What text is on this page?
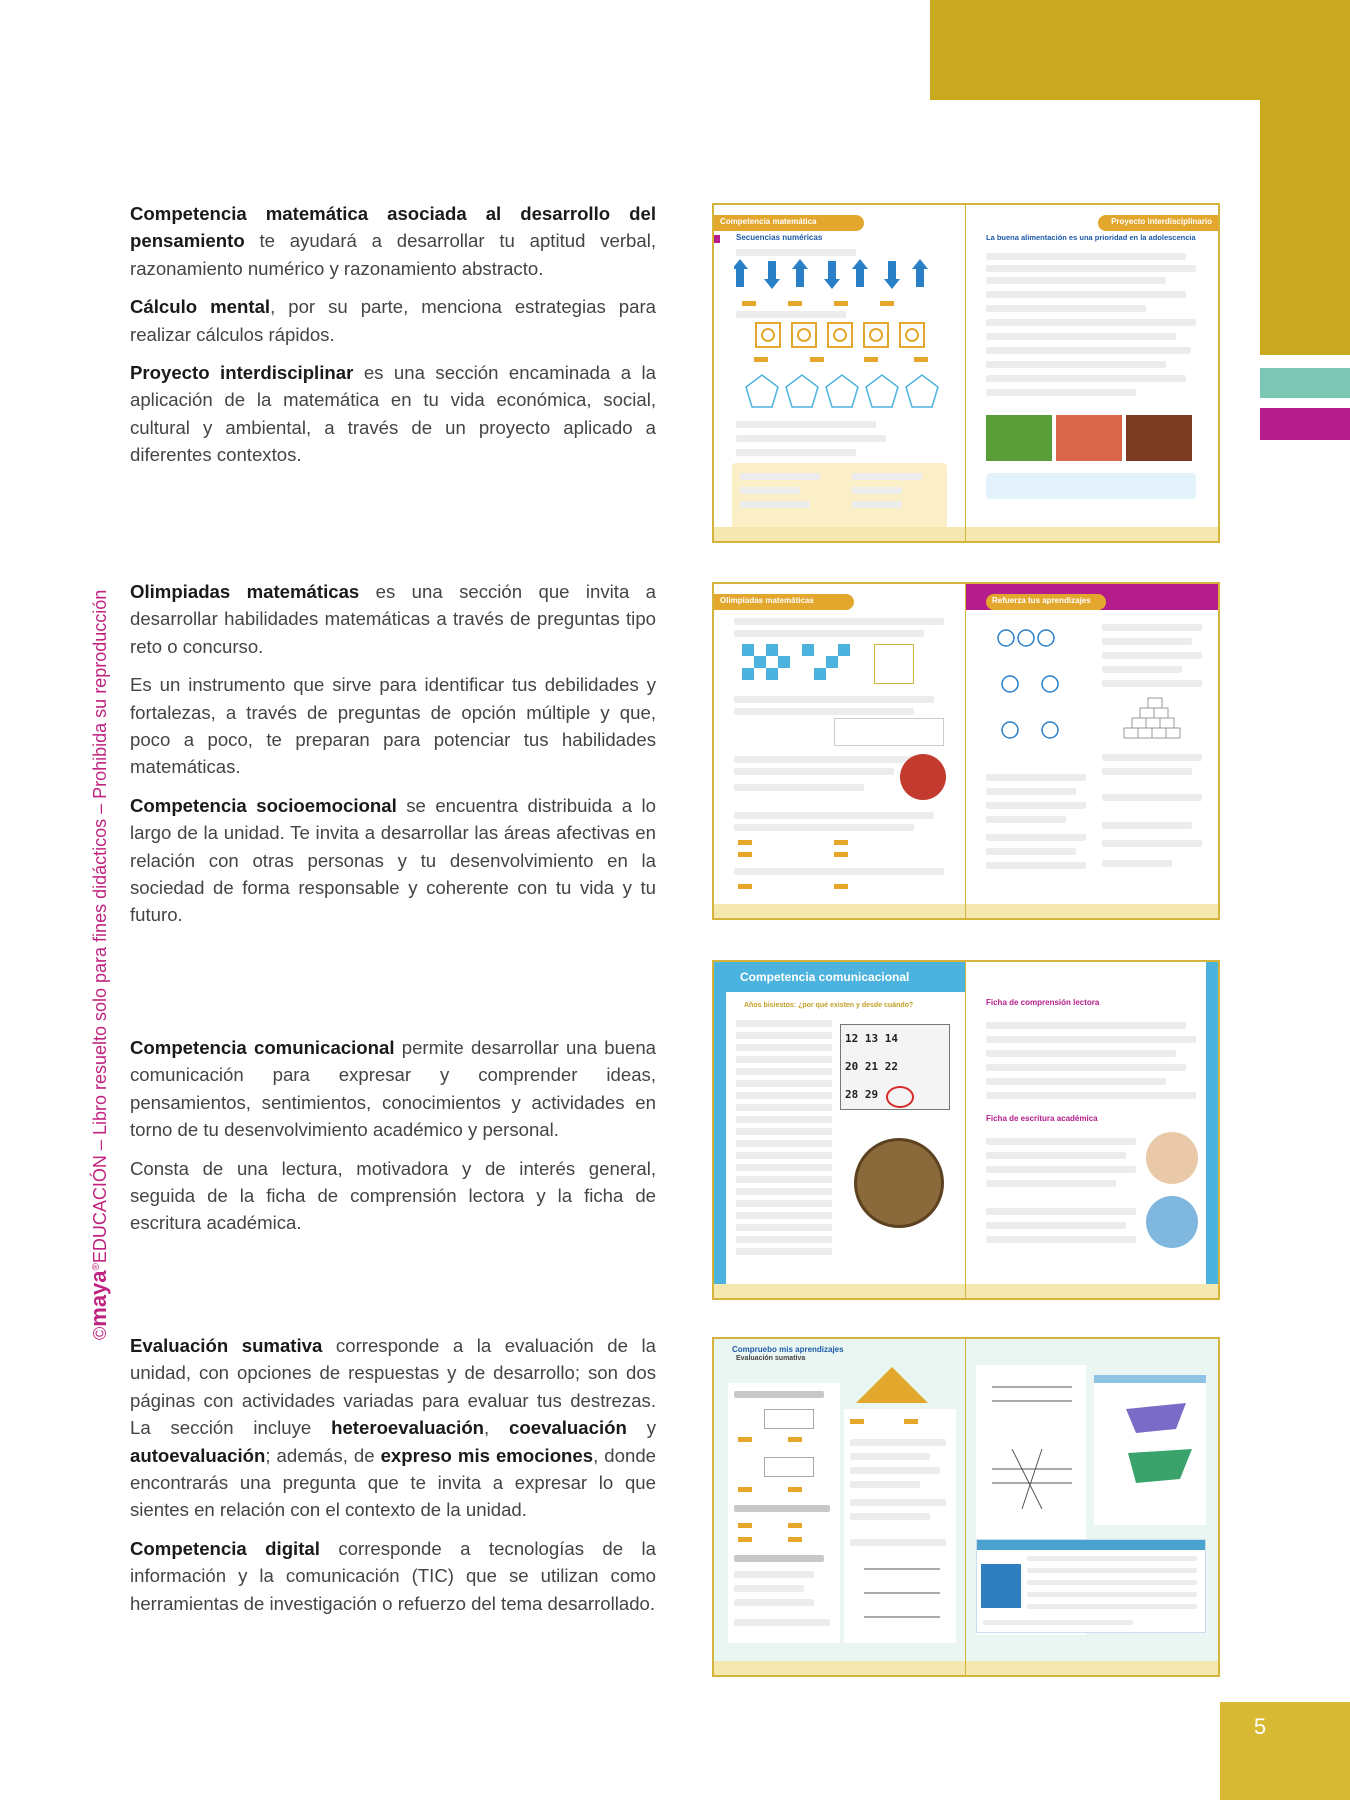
5
©maya®EDUCACIÓN – Libro resuelto solo para fines didácticos – Prohibida su reproducción

Competencia matemática asociada al desarrollo del pensamiento te ayudará a desarrollar tu aptitud verbal, razonamiento numérico y razonamiento abstracto.

Cálculo mental, por su parte, menciona estrategias para realizar cálculos rápidos.

Proyecto interdisciplinar es una sección encaminada a la aplicación de la matemática en tu vida económica, social, cultural y ambiental, a través de un proyecto aplicado a diferentes contextos.

Olimpiadas matemáticas es una sección que invita a desarrollar habilidades matemáticas a través de preguntas tipo reto o concurso.

Es un instrumento que sirve para identificar tus debilidades y fortalezas, a través de preguntas de opción múltiple y que, poco a poco, te preparan para potenciar tus habilidades matemáticas.

Competencia socioemocional se encuentra distribuida a lo largo de la unidad. Te invita a desarrollar las áreas afectivas en relación con otras personas y tu desenvolvimiento en la sociedad de forma responsable y coherente con tu vida y tu futuro.

Competencia comunicacional permite desarrollar una buena comunicación para expresar y comprender ideas, pensamientos, sentimientos, conocimientos y actividades en torno de tu desenvolvimiento académico y personal.

Consta de una lectura, motivadora y de interés general, seguida de la ficha de comprensión lectora y la ficha de escritura académica.

Evaluación sumativa corresponde a la evaluación de la unidad, con opciones de respuestas y de desarrollo; son dos páginas con actividades variadas para evaluar tus destrezas. La sección incluye heteroevaluación, coevaluación y autoevaluación; además, de expreso mis emociones, donde encontrarás una pregunta que te invita a expresar lo que sientes en relación con el contexto de la unidad.

Competencia digital corresponde a tecnologías de la información y la comunicación (TIC) que se utilizan como herramientas de investigación o refuerzo del tema desarrollado.

Competencia matemática
Secuencias numéricas
Proyecto interdisciplinario
La buena alimentación es una prioridad en la adolescencia
Olimpiadas matemáticas	Refuerza tus aprendizajes
Competencia comunicacional
Años bisiestos: ¿por qué existen y desde cuándo?
12 13 14
20 21 22
28 29
Ficha de comprensión lectora
Ficha de escritura académica
Compruebo mis aprendizajes
Evaluación sumativa
